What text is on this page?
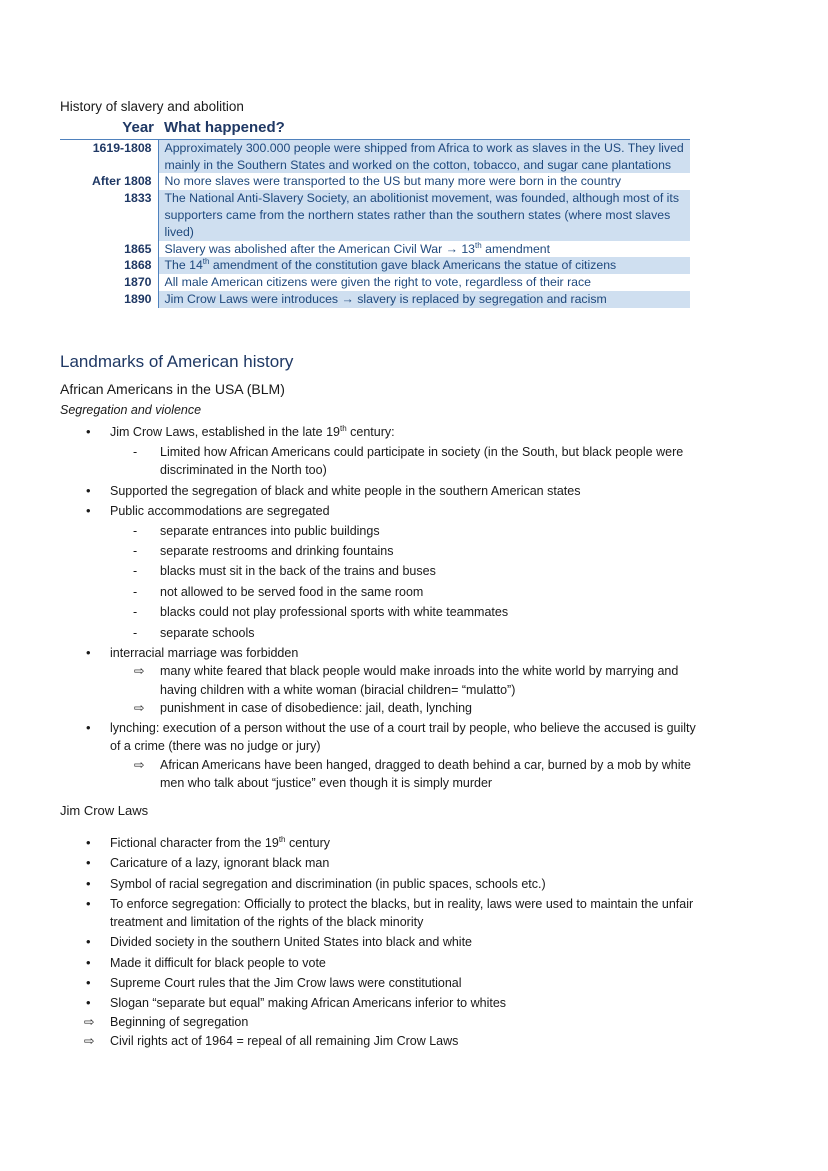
History of slavery and abolition
Year	What happened?
1619-1808	Approximately 300.000 people were shipped from Africa to work as slaves in the US. They lived mainly in the Southern States and worked on the cotton, tobacco, and sugar cane plantations
After 1808	No more slaves were transported to the US but many more were born in the country
1833	The National Anti-Slavery Society, an abolitionist movement, was founded, although most of its supporters came from the northern states rather than the southern states (where most slaves lived)
1865	Slavery was abolished after the American Civil War → 13th amendment
1868	The 14th amendment of the constitution gave black Americans the statue of citizens
1870	All male American citizens were given the right to vote, regardless of their race
1890	Jim Crow Laws were introduces → slavery is replaced by segregation and racism
Landmarks of American history
African Americans in the USA (BLM)
Segregation and violence
• Jim Crow Laws, established in the late 19th century:
- Limited how African Americans could participate in society (in the South, but black people were
discriminated in the North too)
• Supported the segregation of black and white people in the southern American states
• Public accommodations are segregated
- separate entrances into public buildings
- separate restrooms and drinking fountains
- blacks must sit in the back of the trains and buses
- not allowed to be served food in the same room
- blacks could not play professional sports with white teammates
- separate schools
• interracial marriage was forbidden
⇨ many white feared that black people would make inroads into the white world by marrying and
having children with a white woman (biracial children= “mulatto”)
⇨ punishment in case of disobedience: jail, death, lynching
• lynching: execution of a person without the use of a court trail by people, who believe the accused is guilty
of a crime (there was no judge or jury)
⇨ African Americans have been hanged, dragged to death behind a car, burned by a mob by white
men who talk about “justice” even though it is simply murder
Jim Crow Laws
• Fictional character from the 19th century
• Caricature of a lazy, ignorant black man
• Symbol of racial segregation and discrimination (in public spaces, schools etc.)
• To enforce segregation: Officially to protect the blacks, but in reality, laws were used to maintain the unfair
treatment and limitation of the rights of the black minority
• Divided society in the southern United States into black and white
• Made it difficult for black people to vote
• Supreme Court rules that the Jim Crow laws were constitutional
• Slogan “separate but equal” making African Americans inferior to whites
⇨ Beginning of segregation
⇨ Civil rights act of 1964 = repeal of all remaining Jim Crow Laws
